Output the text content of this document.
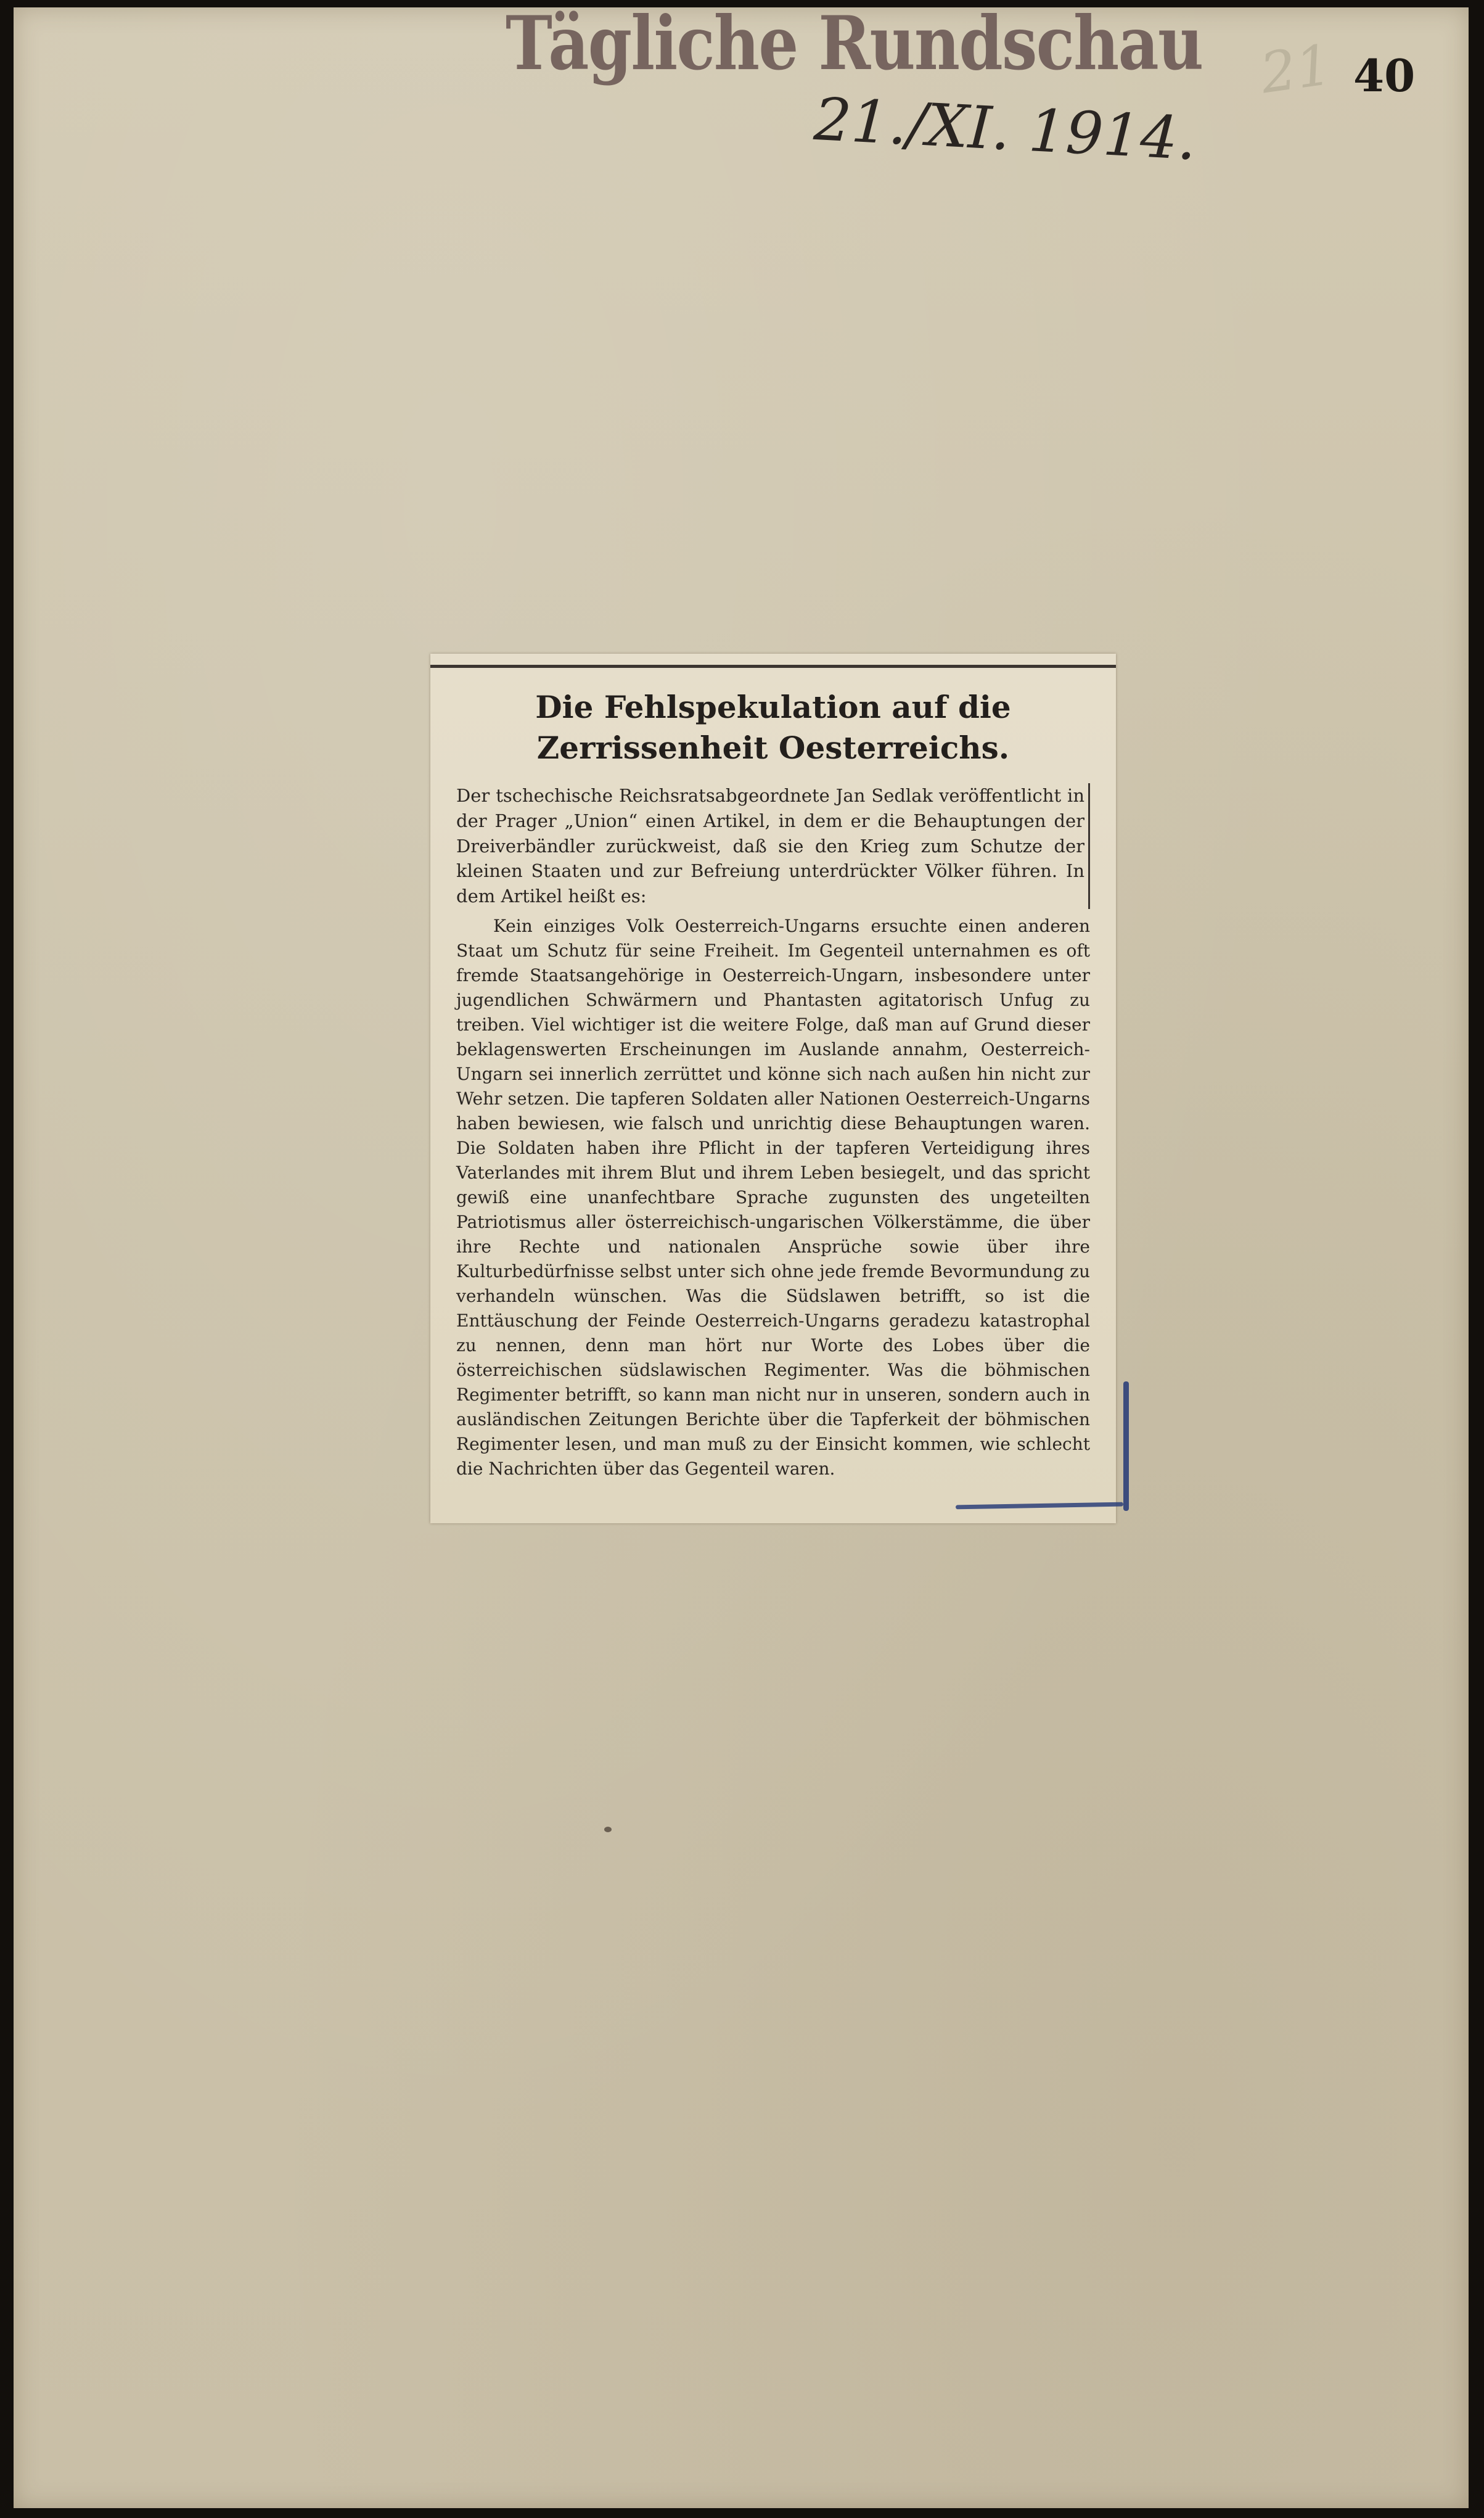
Tägliche Rundschau 21 40
21./XI. 1914.
Die Fehlspekulation auf die Zerrissenheit Oesterreichs.

Der tschechische Reichsratsabgeordnete Jan Sedlak veröffentlicht in der Prager „Union“ einen Artikel, in dem er die Behauptungen der Dreiverbändler zurückweist, daß sie den Krieg zum Schutze der kleinen Staaten und zur Befreiung unterdrückter Völker führen. In dem Artikel heißt es:

Kein einziges Volk Oesterreich-Ungarns ersuchte einen anderen Staat um Schutz für seine Freiheit. Im Gegenteil unternahmen es oft fremde Staatsangehörige in Oesterreich-Ungarn, insbesondere unter jugendlichen Schwärmern und Phantasten agitatorisch Unfug zu treiben. Viel wichtiger ist die weitere Folge, daß man auf Grund dieser beklagenswerten Erscheinungen im Auslande annahm, Oesterreich-Ungarn sei innerlich zerrüttet und könne sich nach außen hin nicht zur Wehr setzen. Die tapferen Soldaten aller Nationen Oesterreich-Ungarns haben bewiesen, wie falsch und unrichtig diese Behauptungen waren. Die Soldaten haben ihre Pflicht in der tapferen Verteidigung ihres Vaterlandes mit ihrem Blut und ihrem Leben besiegelt, und das spricht gewiß eine unanfechtbare Sprache zugunsten des ungeteilten Patriotismus aller österreichisch-ungarischen Völkerstämme, die über ihre Rechte und nationalen Ansprüche sowie über ihre Kulturbedürfnisse selbst unter sich ohne jede fremde Bevormundung zu verhandeln wünschen. Was die Südslawen betrifft, so ist die Enttäuschung der Feinde Oesterreich-Ungarns geradezu katastrophal zu nennen, denn man hört nur Worte des Lobes über die österreichischen südslawischen Regimenter. Was die böhmischen Regimenter betrifft, so kann man nicht nur in unseren, sondern auch in ausländischen Zeitungen Berichte über die Tapferkeit der böhmischen Regimenter lesen, und man muß zu der Einsicht kommen, wie schlecht die Nachrichten über das Gegenteil waren.
